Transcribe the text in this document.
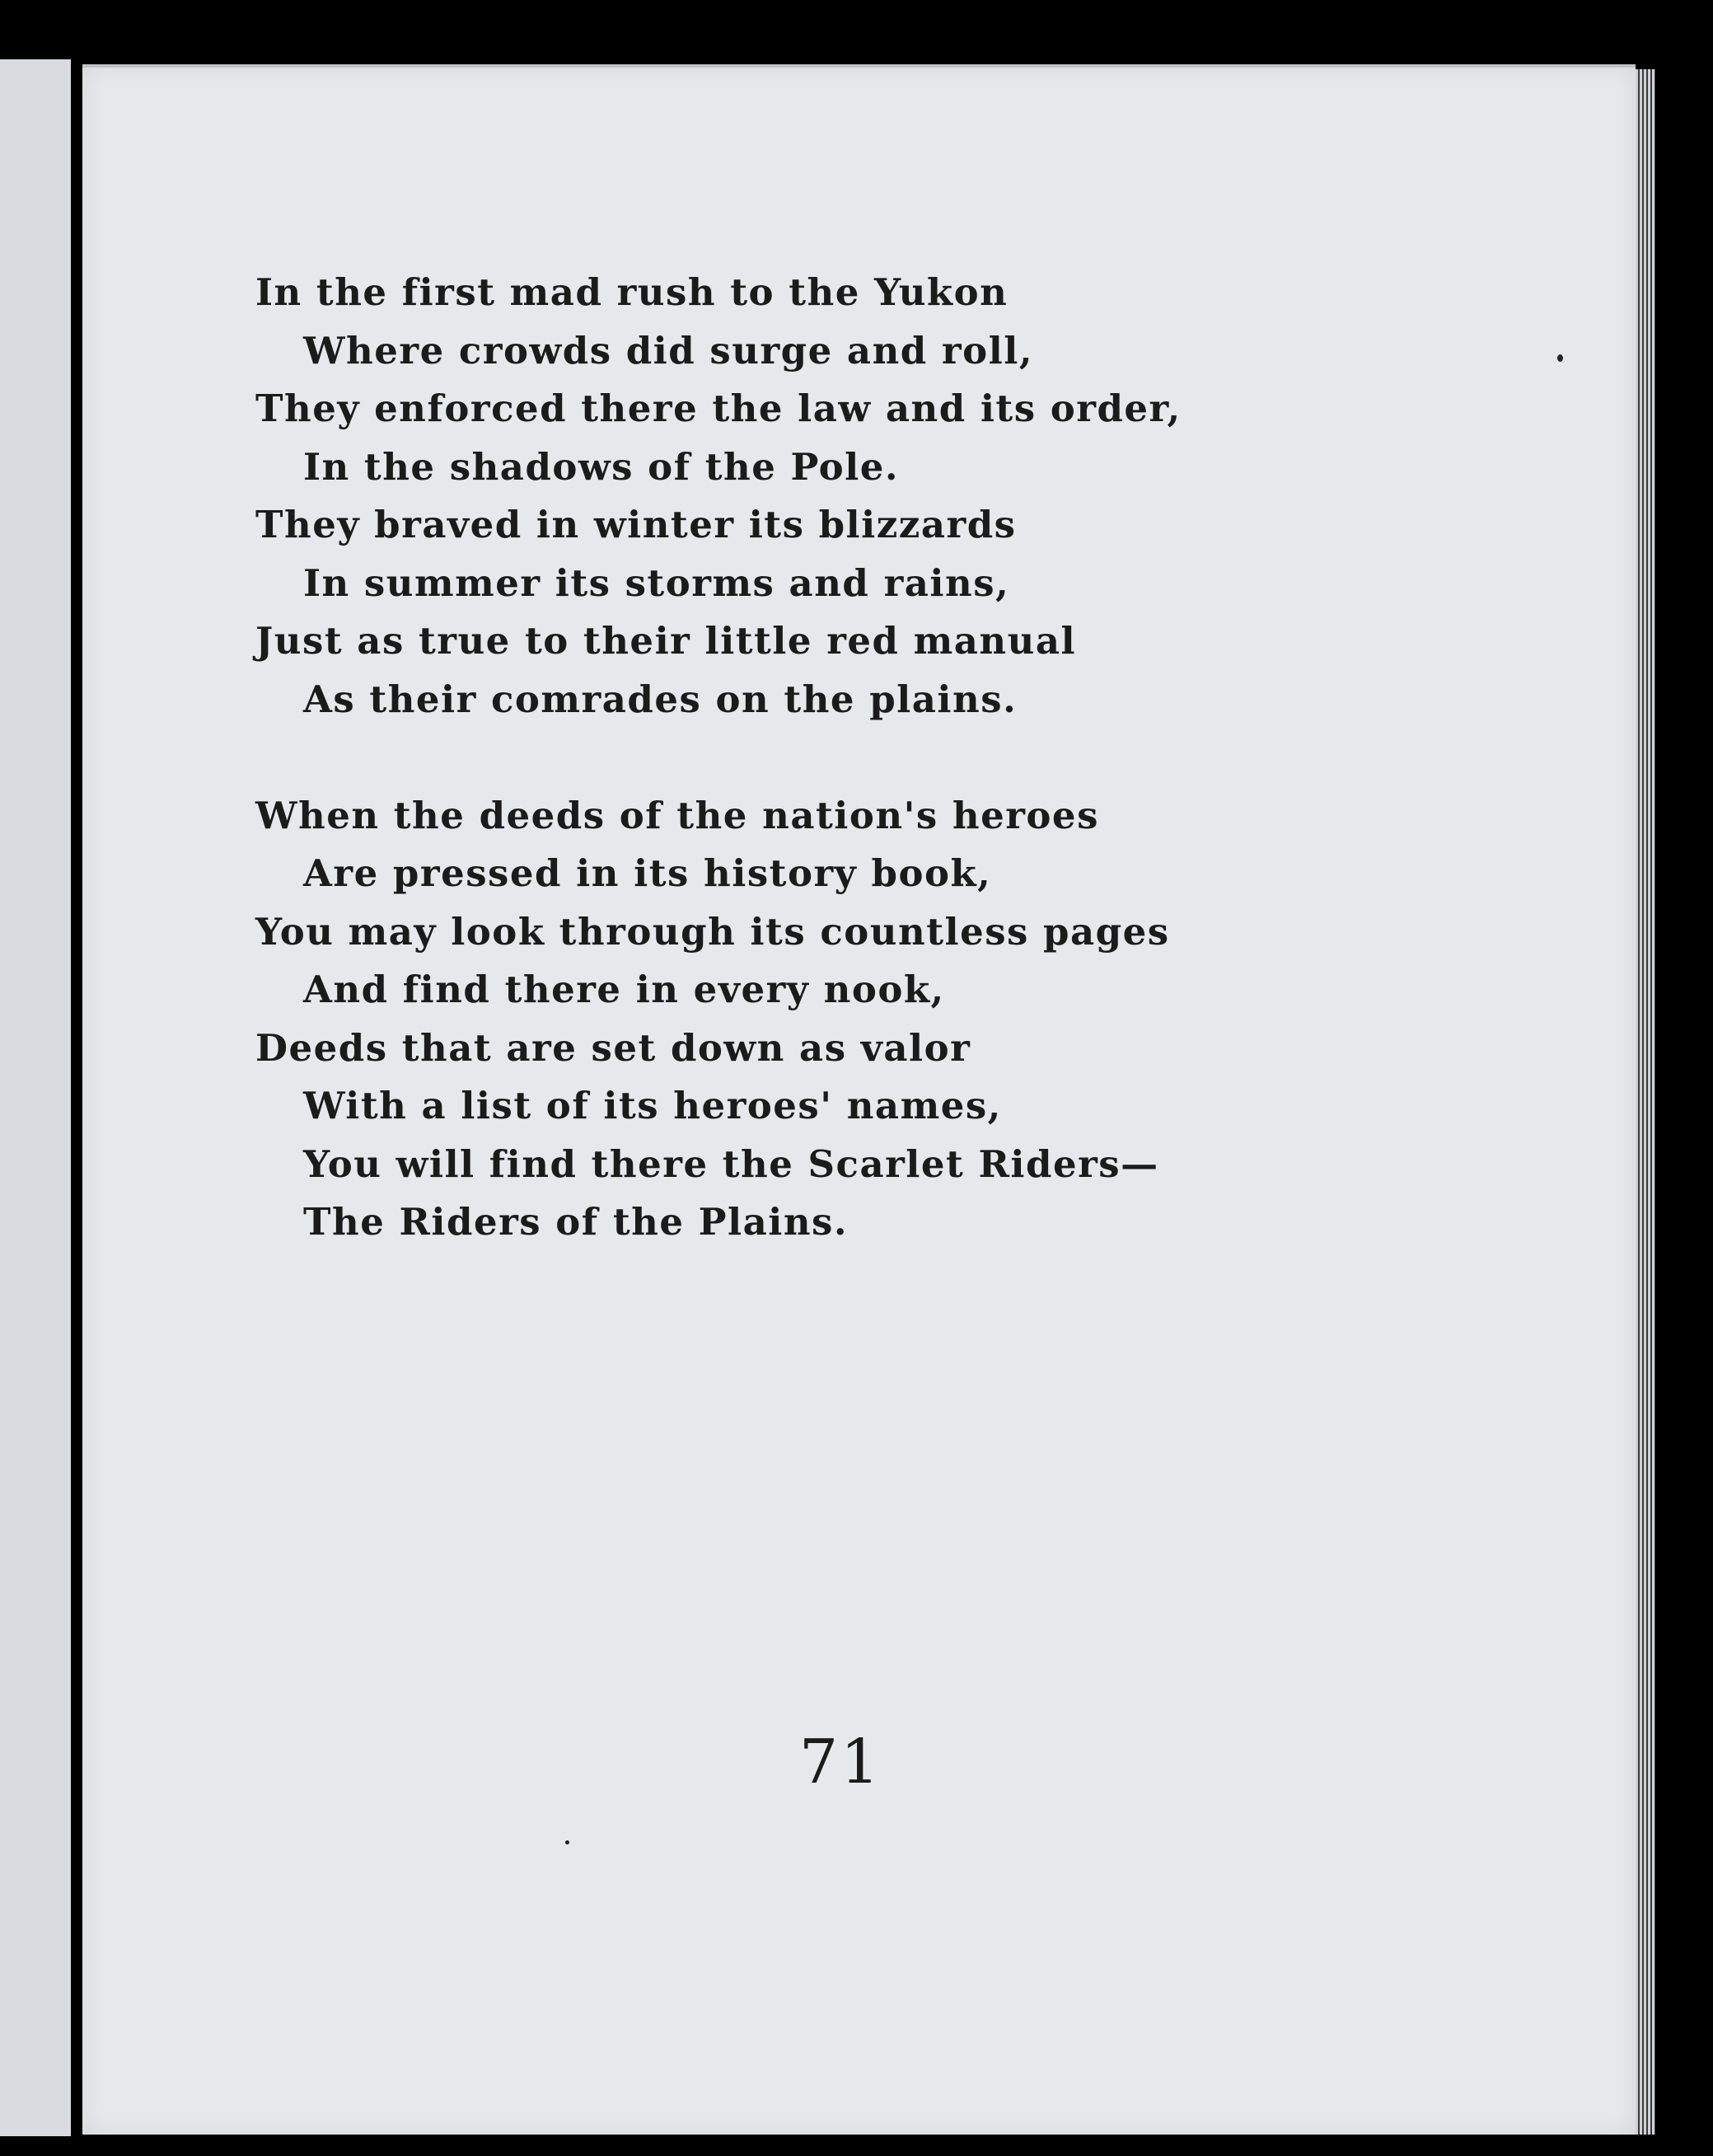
In the first mad rush to the Yukon
Where crowds did surge and roll,
They enforced there the law and its order,
In the shadows of the Pole.
They braved in winter its blizzards
In summer its storms and rains,
Just as true to their little red manual
As their comrades on the plains.

When the deeds of the nation's heroes
Are pressed in its history book,
You may look through its countless pages
And find there in every nook,
Deeds that are set down as valor
With a list of its heroes' names,
You will find there the Scarlet Riders—
The Riders of the Plains.

71
